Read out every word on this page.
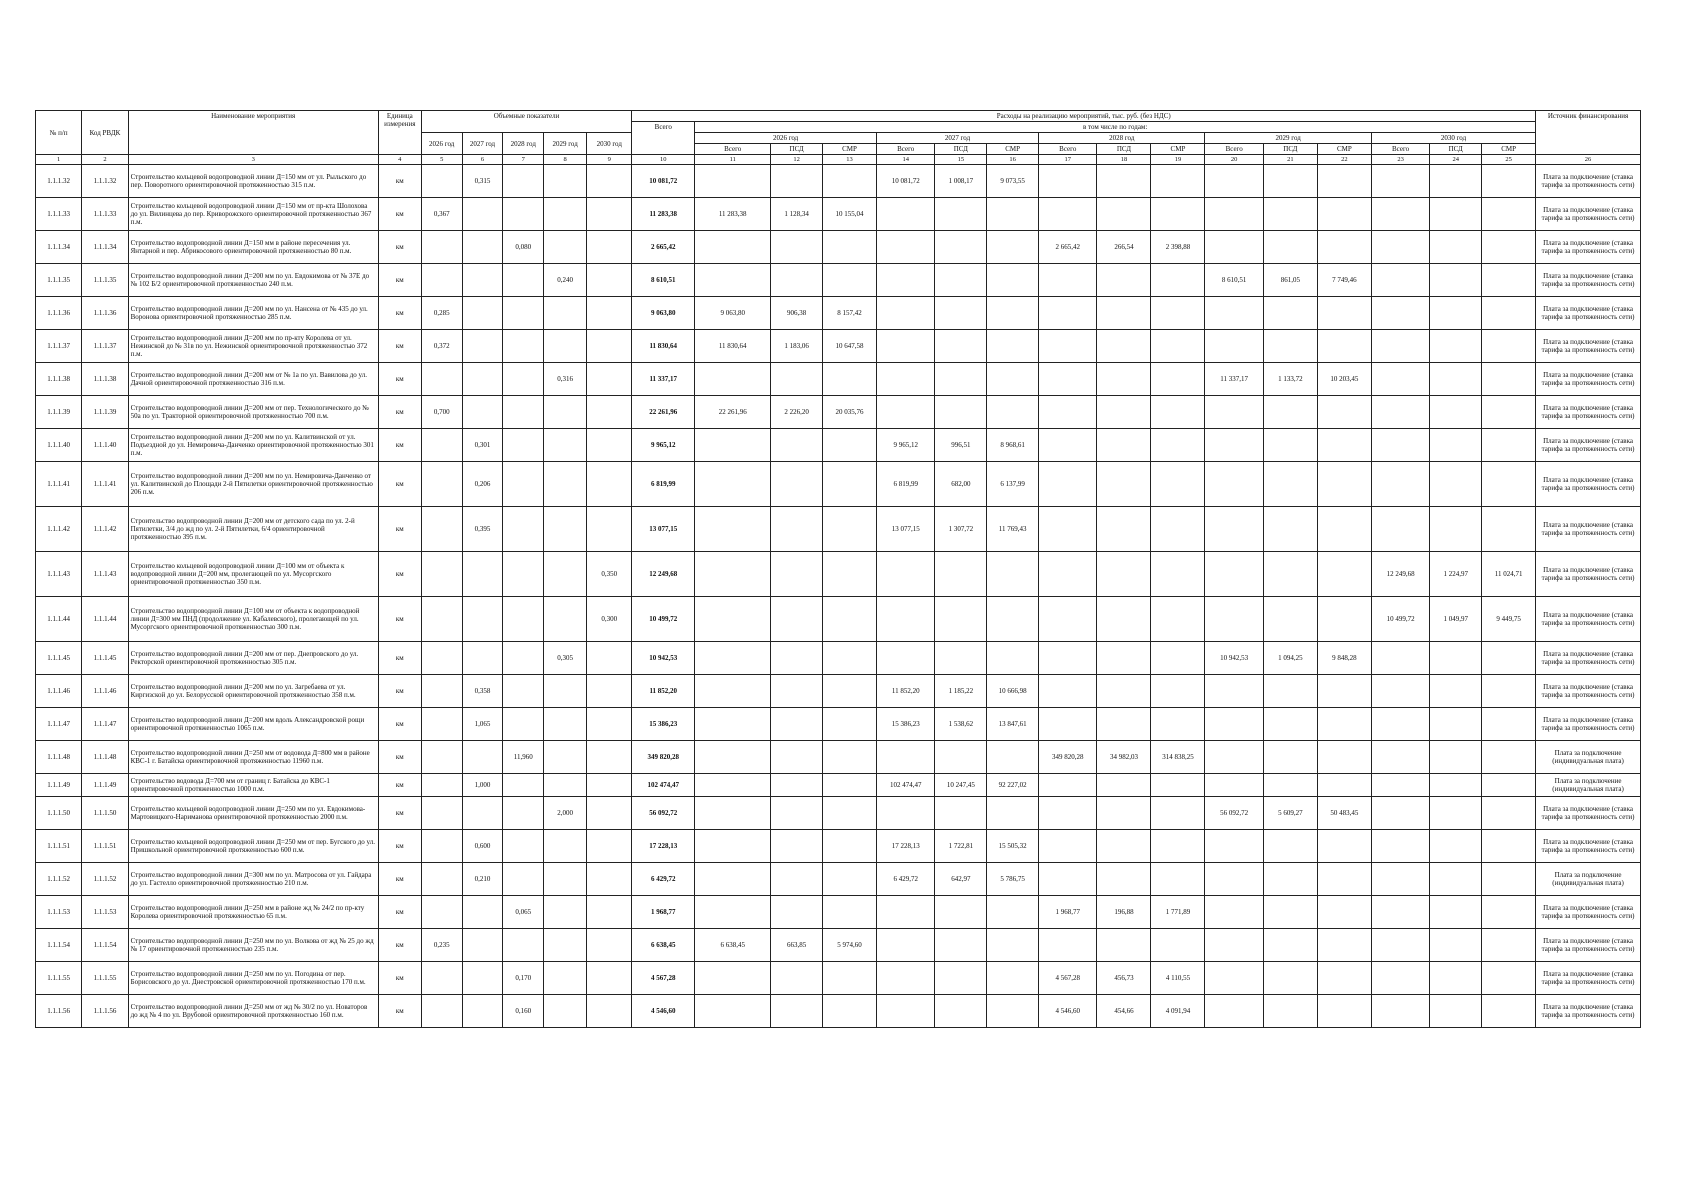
№ п/п	Код РВДК	Наименование мероприятия	Единица измерения	Объемные показатели					Расходы на реализацию мероприятий, тыс. руб. (без НДС)																Источник финансирования
									Всего	в том числе по годам:															
				2026 год	2027 год	2028 год	2029 год	2030 год		2026 год			2027 год			2028 год			2029 год			2030 год			
										Всего	ПСД	СМР	Всего	ПСД	СМР	Всего	ПСД	СМР	Всего	ПСД	СМР	Всего	ПСД	СМР	
1	2	3	4	5	6	7	8	9	10	11	12	13	14	15	16	17	18	19	20	21	22	23	24	25	26
1.1.1.32	1.1.1.32	Строительство кольцевой водопроводной линии Д=150 мм от ул. Рыльского до пер. Поворотного ориентировочной протяженностью 315 п.м.	км		0,315				10 081,72				10 081,72	1 008,17	9 073,55										Плата за подключение (ставка тарифа за протяженность сети)
1.1.1.33	1.1.1.33	Строительство кольцевой водопроводной линии Д=150 мм от пр-кта Шолохова до ул. Вилинцева до пер. Криворожского ориентировочной протяженностью 367 п.м.	км	0,367					11 283,38	11 283,38	1 128,34	10 155,04													Плата за подключение (ставка тарифа за протяженность сети)
1.1.1.34	1.1.1.34	Строительство водопроводной линии Д=150 мм в районе пересечения ул. Янтарной и пер. Абрикосового ориентировочной протяженностью 80 п.м.	км			0,080			2 665,42							2 665,42	266,54	2 398,88							Плата за подключение (ставка тарифа за протяженность сети)
1.1.1.35	1.1.1.35	Строительство водопроводной линии Д=200 мм по ул. Евдокимова от № 37Е до № 102 Б/2 ориентировочной протяженностью 240 п.м.	км				0,240		8 610,51										8 610,51	861,05	7 749,46				Плата за подключение (ставка тарифа за протяженность сети)
1.1.1.36	1.1.1.36	Строительство водопроводной линии Д=200 мм по ул. Нансена от № 435 до ул. Воронова ориентировочной протяженностью 285 п.м.	км	0,285					9 063,80	9 063,80	906,38	8 157,42													Плата за подключение (ставка тарифа за протяженность сети)
1.1.1.37	1.1.1.37	Строительство водопроводной линии Д=200 мм по пр-кту Королева от ул. Нежинской до № 31в по ул. Нежинской ориентировочной протяженностью 372 п.м.	км	0,372					11 830,64	11 830,64	1 183,06	10 647,58													Плата за подключение (ставка тарифа за протяженность сети)
1.1.1.38	1.1.1.38	Строительство водопроводной линии Д=200 мм от № 1а по ул. Вавилова до ул. Дачной ориентировочной протяженностью 316 п.м.	км				0,316		11 337,17										11 337,17	1 133,72	10 203,45				Плата за подключение (ставка тарифа за протяженность сети)
1.1.1.39	1.1.1.39	Строительство водопроводной линии Д=200 мм от пер. Технологического до № 50а по ул. Тракторной ориентировочной протяженностью 700 п.м.	км	0,700					22 261,96	22 261,96	2 226,20	20 035,76													Плата за подключение (ставка тарифа за протяженность сети)
1.1.1.40	1.1.1.40	Строительство водопроводной линии Д=200 мм по ул. Калитвинской от ул. Подъездной до ул. Немировича-Данченко ориентировочной протяженностью 301 п.м.	км		0,301				9 965,12				9 965,12	996,51	8 968,61										Плата за подключение (ставка тарифа за протяженность сети)
1.1.1.41	1.1.1.41	Строительство водопроводной линии Д=200 мм по ул. Немировича-Данченко от ул. Калитвинской до Площади 2-й Пятилетки ориентировочной протяженностью 206 п.м.	км		0,206				6 819,99				6 819,99	682,00	6 137,99										Плата за подключение (ставка тарифа за протяженность сети)
1.1.1.42	1.1.1.42	Строительство водопроводной линии Д=200 мм от детского сада по ул. 2-й Пятилетки, 3/4 до жд по ул. 2-й Пятилетки, 6/4 ориентировочной протяженностью 395 п.м.	км		0,395				13 077,15				13 077,15	1 307,72	11 769,43										Плата за подключение (ставка тарифа за протяженность сети)
1.1.1.43	1.1.1.43	Строительство кольцевой водопроводной линии Д=100 мм от объекта к водопроводной линии Д=200 мм, пролегающей по ул. Мусоргского ориентировочной протяженностью 350 п.м.	км					0,350	12 249,68													12 249,68	1 224,97	11 024,71	Плата за подключение (ставка тарифа за протяженность сети)
1.1.1.44	1.1.1.44	Строительство водопроводной линии Д=100 мм от объекта к водопроводной линии Д=300 мм ПНД (продолжение ул. Кабалевского), пролегающей по ул. Мусоргского ориентировочной протяженностью 300 п.м.	км					0,300	10 499,72													10 499,72	1 049,97	9 449,75	Плата за подключение (ставка тарифа за протяженность сети)
1.1.1.45	1.1.1.45	Строительство водопроводной линии Д=200 мм от пер. Днепровского до ул. Ректорской ориентировочной протяженностью 305 п.м.	км				0,305		10 942,53										10 942,53	1 094,25	9 848,28				Плата за подключение (ставка тарифа за протяженность сети)
1.1.1.46	1.1.1.46	Строительство водопроводной линии Д=200 мм по ул. Загребаева от ул. Киргизской до ул. Белорусской ориентировочной протяженностью 358 п.м.	км		0,358				11 852,20				11 852,20	1 185,22	10 666,98										Плата за подключение (ставка тарифа за протяженность сети)
1.1.1.47	1.1.1.47	Строительство водопроводной линии Д=200 мм вдоль Александровской рощи ориентировочной протяженностью 1065 п.м.	км		1,065				15 386,23				15 386,23	1 538,62	13 847,61										Плата за подключение (ставка тарифа за протяженность сети)
1.1.1.48	1.1.1.48	Строительство водопроводной линии Д=250 мм от водовода Д=800 мм в районе КВС-1 г. Батайска ориентировочной протяженностью 11960 п.м.	км			11,960			349 820,28							349 820,28	34 982,03	314 838,25							Плата за подключение (индивидуальная плата)
1.1.1.49	1.1.1.49	Строительство водовода Д=700 мм от границ г. Батайска до КВС-1 ориентировочной протяженностью 1000 п.м.	км		1,000				102 474,47				102 474,47	10 247,45	92 227,02										Плата за подключение (индивидуальная плата)
1.1.1.50	1.1.1.50	Строительство кольцевой водопроводной линии Д=250 мм по ул. Евдокимова-Мартовицкого-Нариманова ориентировочной протяженностью 2000 п.м.	км				2,000		56 092,72										56 092,72	5 609,27	50 483,45				Плата за подключение (ставка тарифа за протяженность сети)
1.1.1.51	1.1.1.51	Строительство кольцевой водопроводной линии Д=250 мм от пер. Бугского до ул. Пришкольной ориентировочной протяженностью 600 п.м.	км		0,600				17 228,13				17 228,13	1 722,81	15 505,32										Плата за подключение (ставка тарифа за протяженность сети)
1.1.1.52	1.1.1.52	Строительство водопроводной линии Д=300 мм по ул. Матросова от ул. Гайдара до ул. Гастелло ориентировочной протяженностью 210 п.м.	км		0,210				6 429,72				6 429,72	642,97	5 786,75										Плата за подключение (индивидуальная плата)
1.1.1.53	1.1.1.53	Строительство водопроводной линии Д=250 мм в районе жд № 24/2 по пр-кту Королева ориентировочной протяженностью 65 п.м.	км			0,065			1 968,77							1 968,77	196,88	1 771,89							Плата за подключение (ставка тарифа за протяженность сети)
1.1.1.54	1.1.1.54	Строительство водопроводной линии Д=250 мм по ул. Волкова от жд № 25 до жд № 17 ориентировочной протяженностью 235 п.м.	км	0,235					6 638,45	6 638,45	663,85	5 974,60													Плата за подключение (ставка тарифа за протяженность сети)
1.1.1.55	1.1.1.55	Строительство водопроводной линии Д=250 мм по ул. Погодина от пер. Борисовского до ул. Днестровской ориентировочной протяженностью 170 п.м.	км			0,170			4 567,28							4 567,28	456,73	4 110,55							Плата за подключение (ставка тарифа за протяженность сети)
1.1.1.56	1.1.1.56	Строительство водопроводной линии Д=250 мм от жд № 30/2 по ул. Новаторов до жд № 4 по ул. Врубовой ориентировочной протяженностью 160 п.м.	км			0,160			4 546,60							4 546,60	454,66	4 091,94							Плата за подключение (ставка тарифа за протяженность сети)
